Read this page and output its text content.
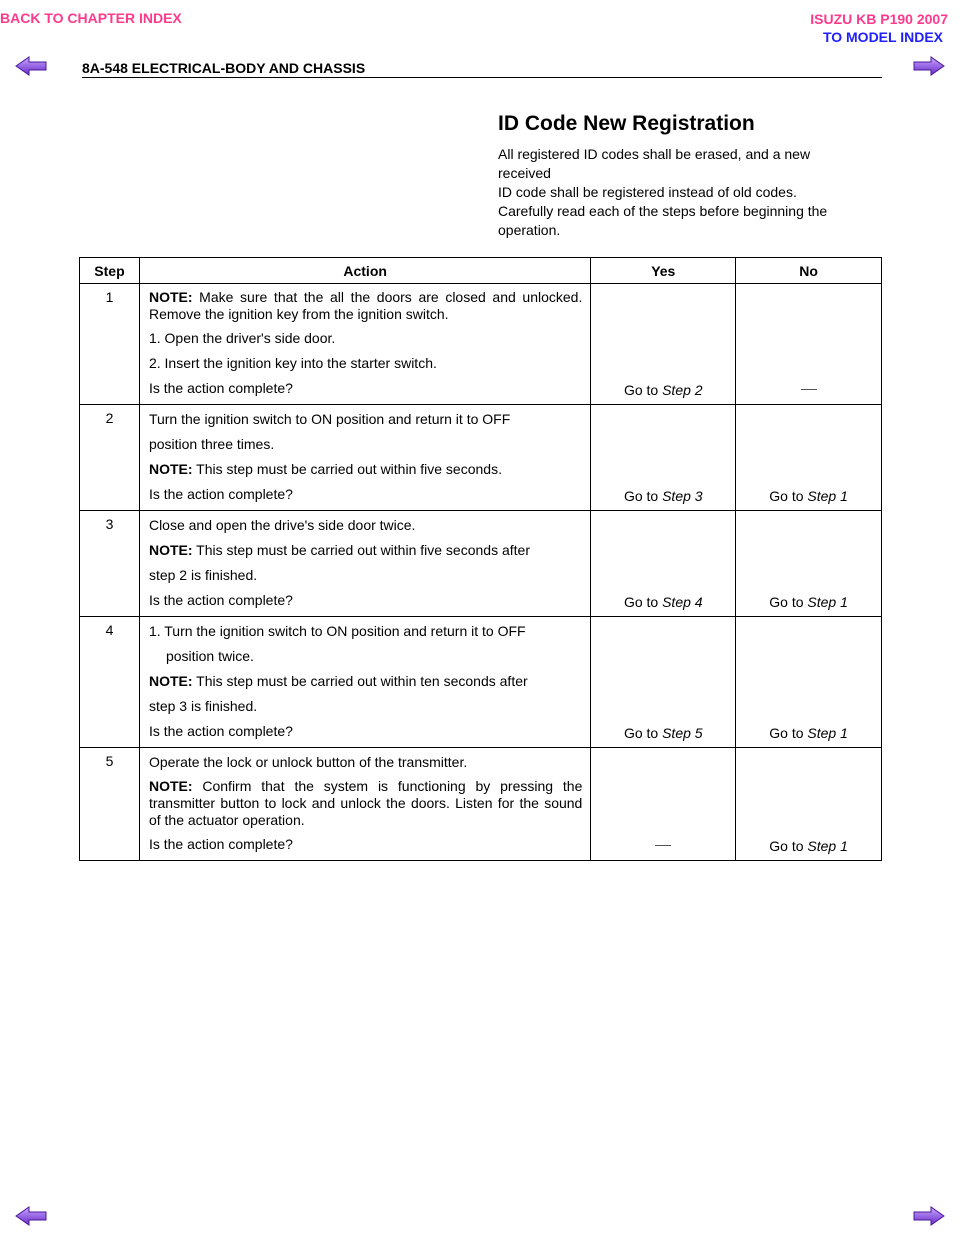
BACK TO CHAPTER INDEX	ISUZU KB P190 2007
TO MODEL INDEX
8A-548 ELECTRICAL-BODY AND CHASSIS
ID Code New Registration
All registered ID codes shall be erased, and a new
received
ID code shall be registered instead of old codes.
Carefully read each of the steps before beginning the
operation.
Step	Action	Yes	No
1	NOTE: Make sure that the all the doors are closed and unlocked. Remove the ignition key from the ignition switch.
1. Open the driver's side door.
2. Insert the ignition key into the starter switch.
Is the action complete?	Go to Step 2	
2	Turn the ignition switch to ON position and return it to OFF
position three times.
NOTE: This step must be carried out within five seconds.
Is the action complete?	Go to Step 3	Go to Step 1
3	Close and open the drive's side door twice.
NOTE: This step must be carried out within five seconds after
step 2 is finished.
Is the action complete?	Go to Step 4	Go to Step 1
4	1. Turn the ignition switch to ON position and return it to OFF
position twice.
NOTE: This step must be carried out within ten seconds after
step 3 is finished.
Is the action complete?	Go to Step 5	Go to Step 1
5	Operate the lock or unlock button of the transmitter.
NOTE: Confirm that the system is functioning by pressing the transmitter button to lock and unlock the doors. Listen for the sound of the actuator operation.
Is the action complete?		Go to Step 1
